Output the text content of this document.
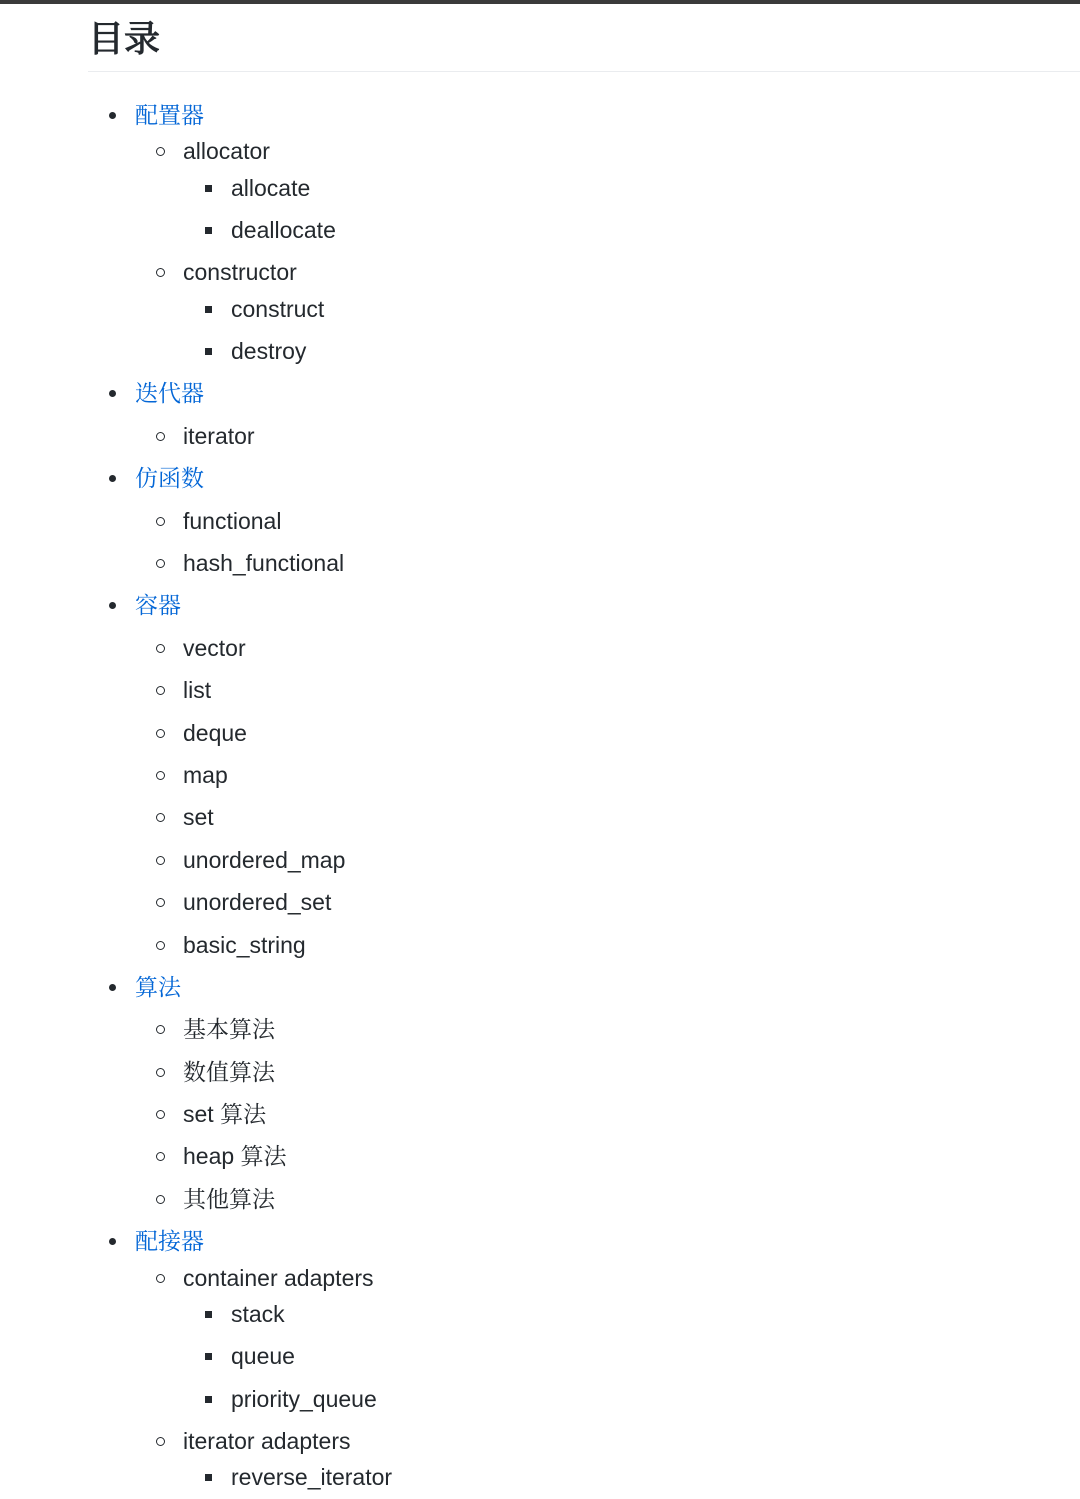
目录
配置器
allocator
allocate
deallocate
constructor
construct
destroy
迭代器
iterator
仿函数
functional
hash_functional
容器
vector
list
deque
map
set
unordered_map
unordered_set
basic_string
算法
基本算法
数值算法
set 算法
heap 算法
其他算法
配接器
container adapters
stack
queue
priority_queue
iterator adapters
reverse_iterator
